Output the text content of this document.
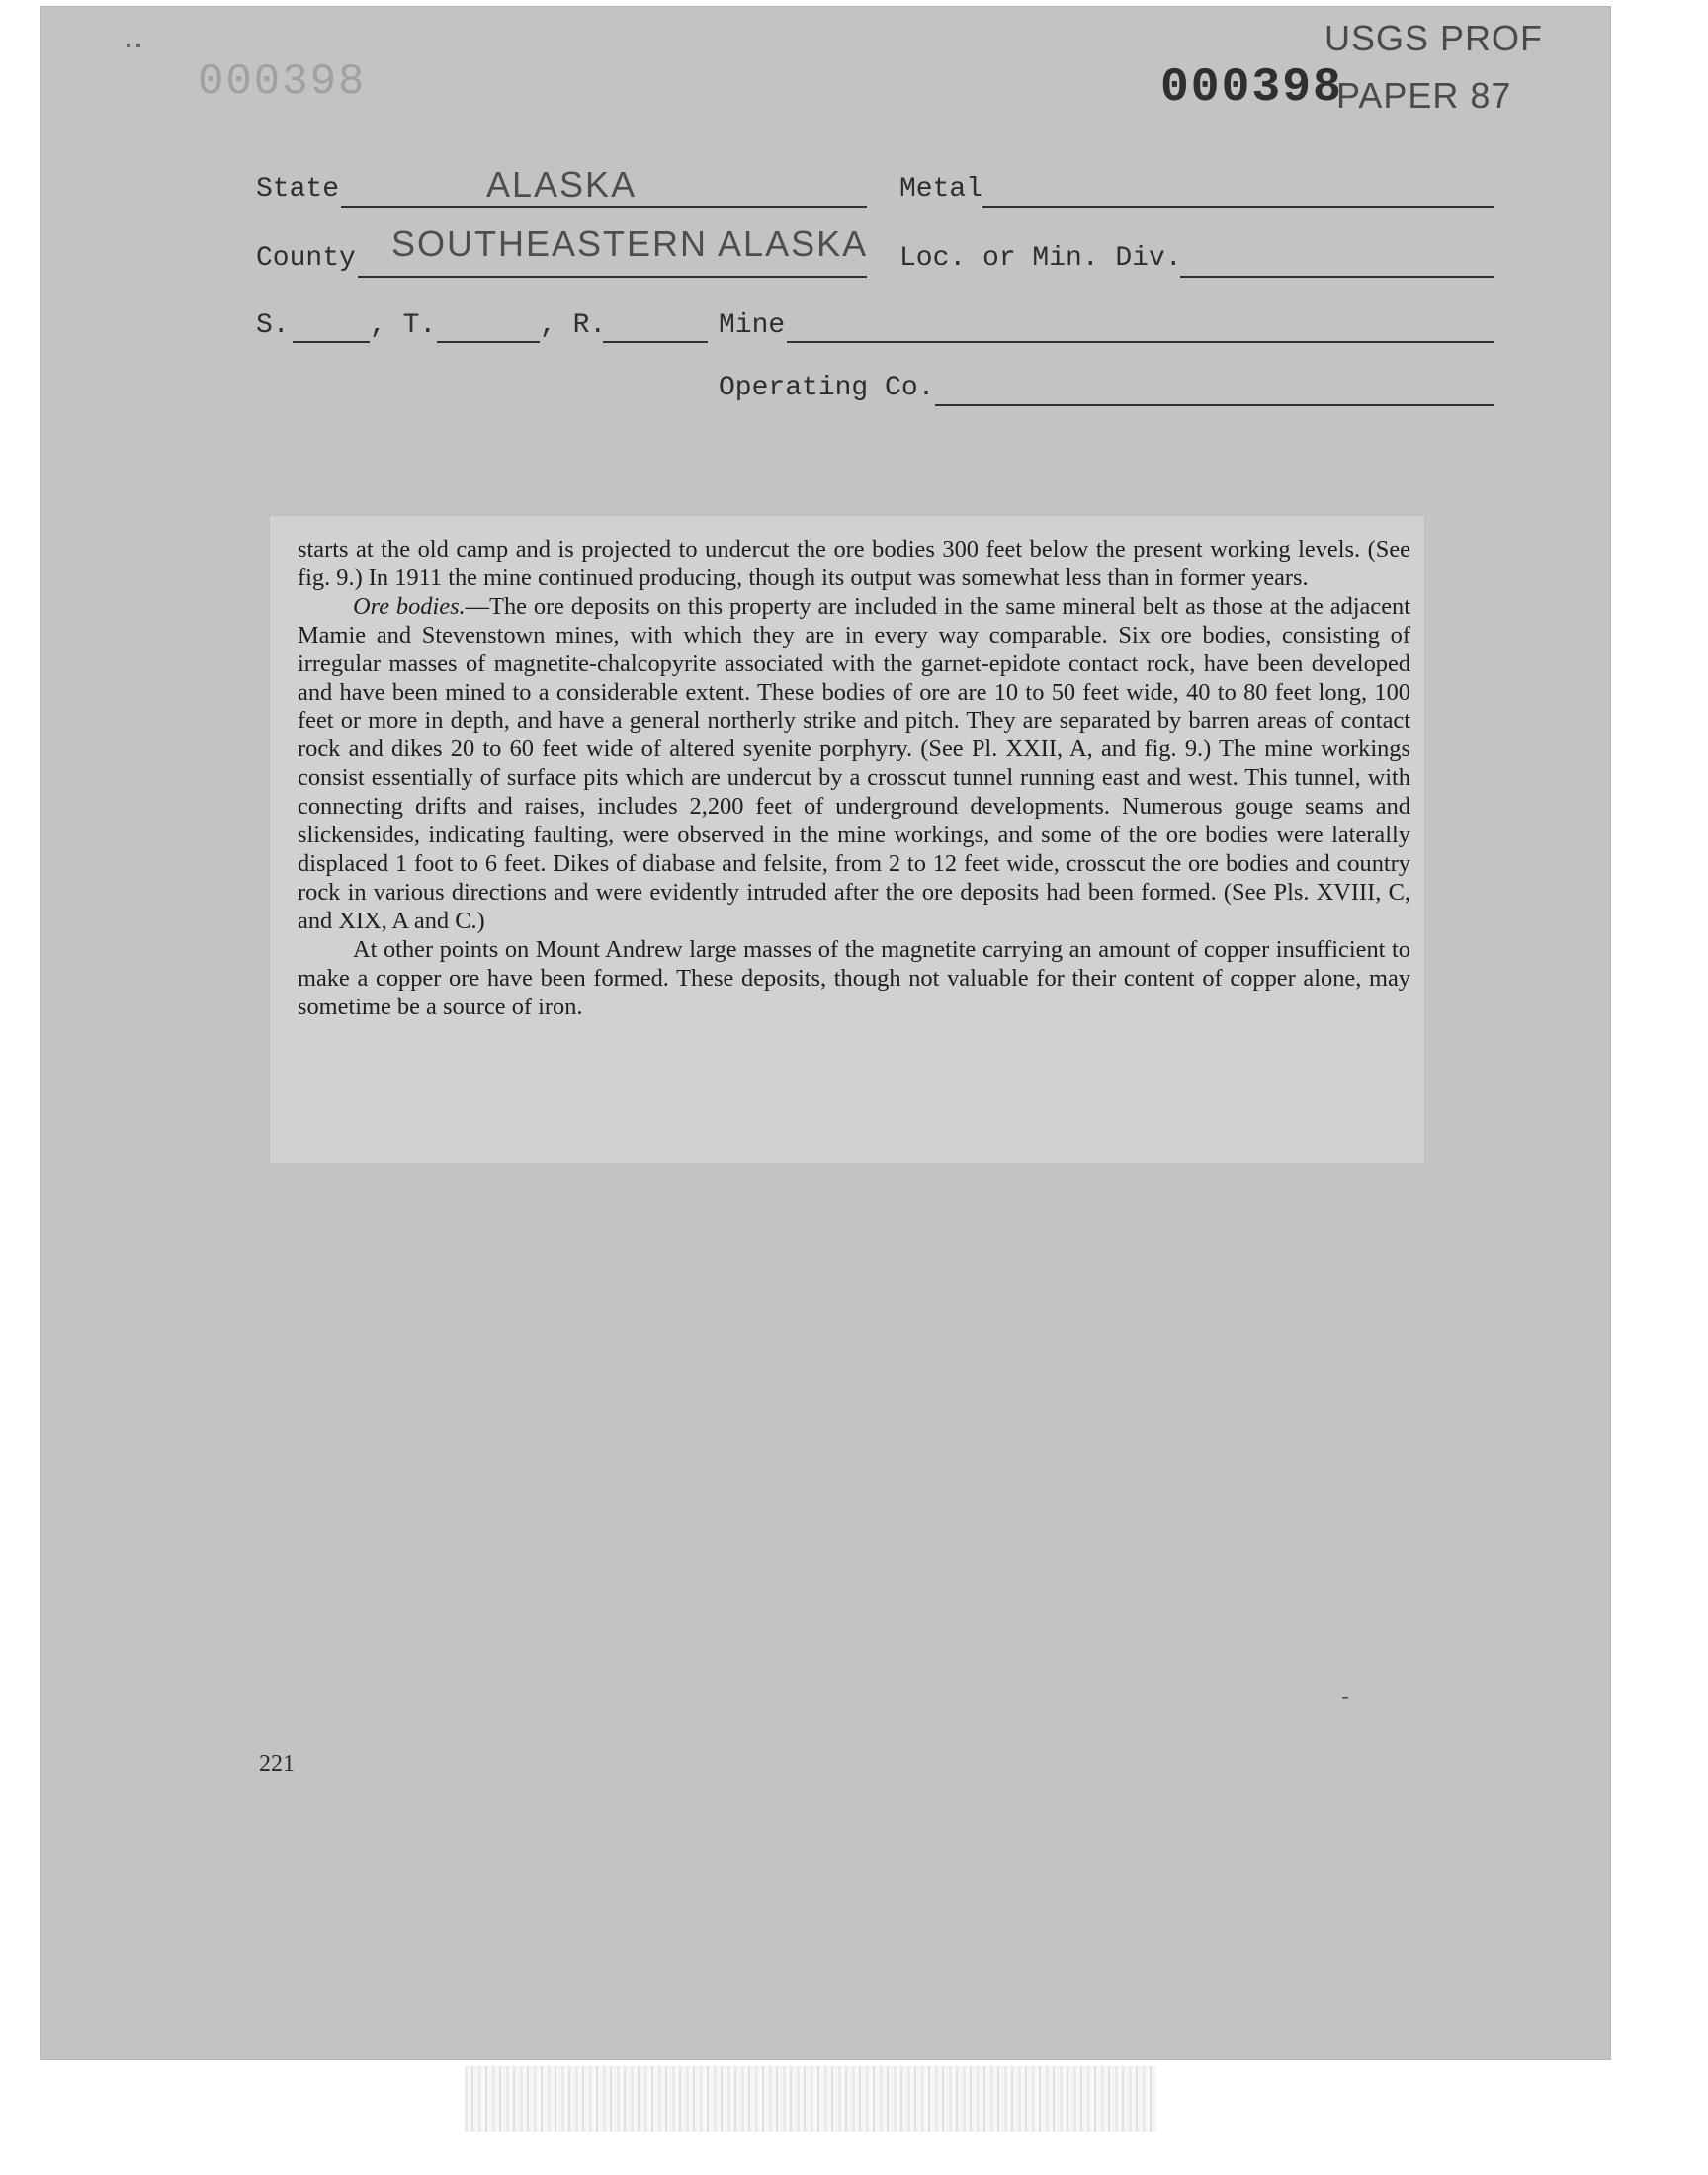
000398
USGS PROF
000398
PAPER 87
State	ALASKA	Metal
County SOUTHEASTERN ALASKA Loc. or Min. Div.
S.	, T.	, R.	Mine
Operating Co.

starts at the old camp and is projected to undercut the ore bodies 300 feet below the present working levels. (See fig. 9.) In 1911 the mine continued producing, though its output was somewhat less than in former years.

Ore bodies.—The ore deposits on this property are included in the same mineral belt as those at the adjacent Mamie and Stevenstown mines, with which they are in every way comparable. Six ore bodies, consisting of irregular masses of magnetite-chalcopyrite associated with the garnet-epidote contact rock, have been developed and have been mined to a considerable extent. These bodies of ore are 10 to 50 feet wide, 40 to 80 feet long, 100 feet or more in depth, and have a general northerly strike and pitch. They are separated by barren areas of contact rock and dikes 20 to 60 feet wide of altered syenite porphyry. (See Pl. XXII, A, and fig. 9.) The mine workings consist essentially of surface pits which are undercut by a crosscut tunnel running east and west. This tunnel, with connecting drifts and raises, includes 2,200 feet of underground developments. Numerous gouge seams and slickensides, indicating faulting, were observed in the mine workings, and some of the ore bodies were laterally displaced 1 foot to 6 feet. Dikes of diabase and felsite, from 2 to 12 feet wide, crosscut the ore bodies and country rock in various directions and were evidently intruded after the ore deposits had been formed. (See Pls. XVIII, C, and XIX, A and C.)

At other points on Mount Andrew large masses of the magnetite carrying an amount of copper insufficient to make a copper ore have been formed. These deposits, though not valuable for their content of copper alone, may sometime be a source of iron.

221
